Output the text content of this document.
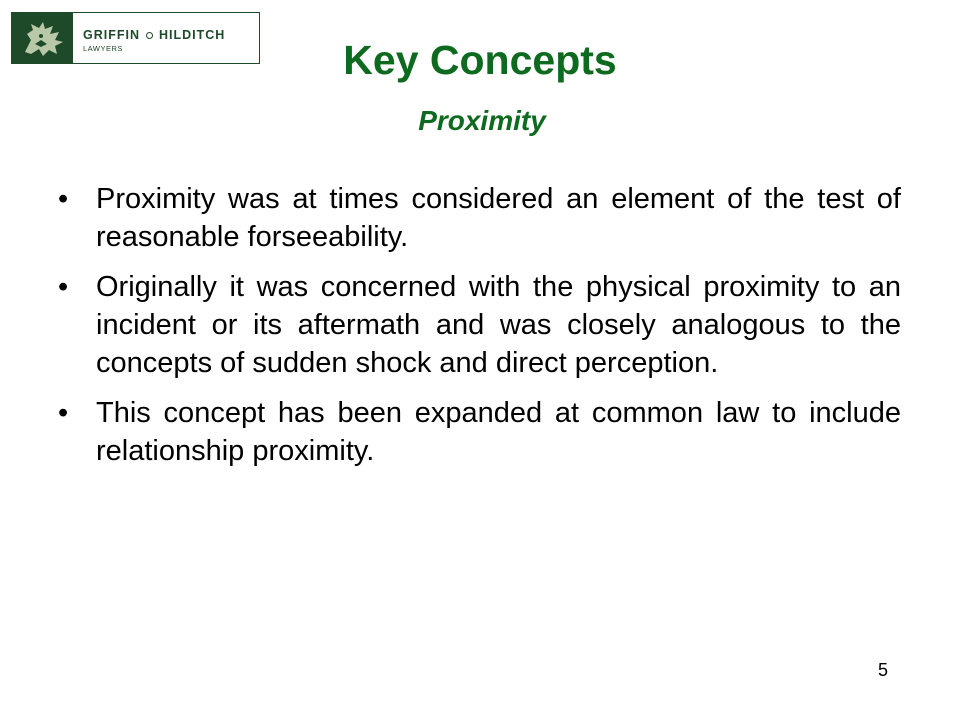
GRIFFIN HILDITCH
LAWYERS	Key Concepts
Proximity
• Proximity was at times considered an element of the test of reasonable forseeability.
• Originally it was concerned with the physical proximity to an incident or its aftermath and was closely analogous to the concepts of sudden shock and direct perception.
• This concept has been expanded at common law to include relationship proximity.
5
